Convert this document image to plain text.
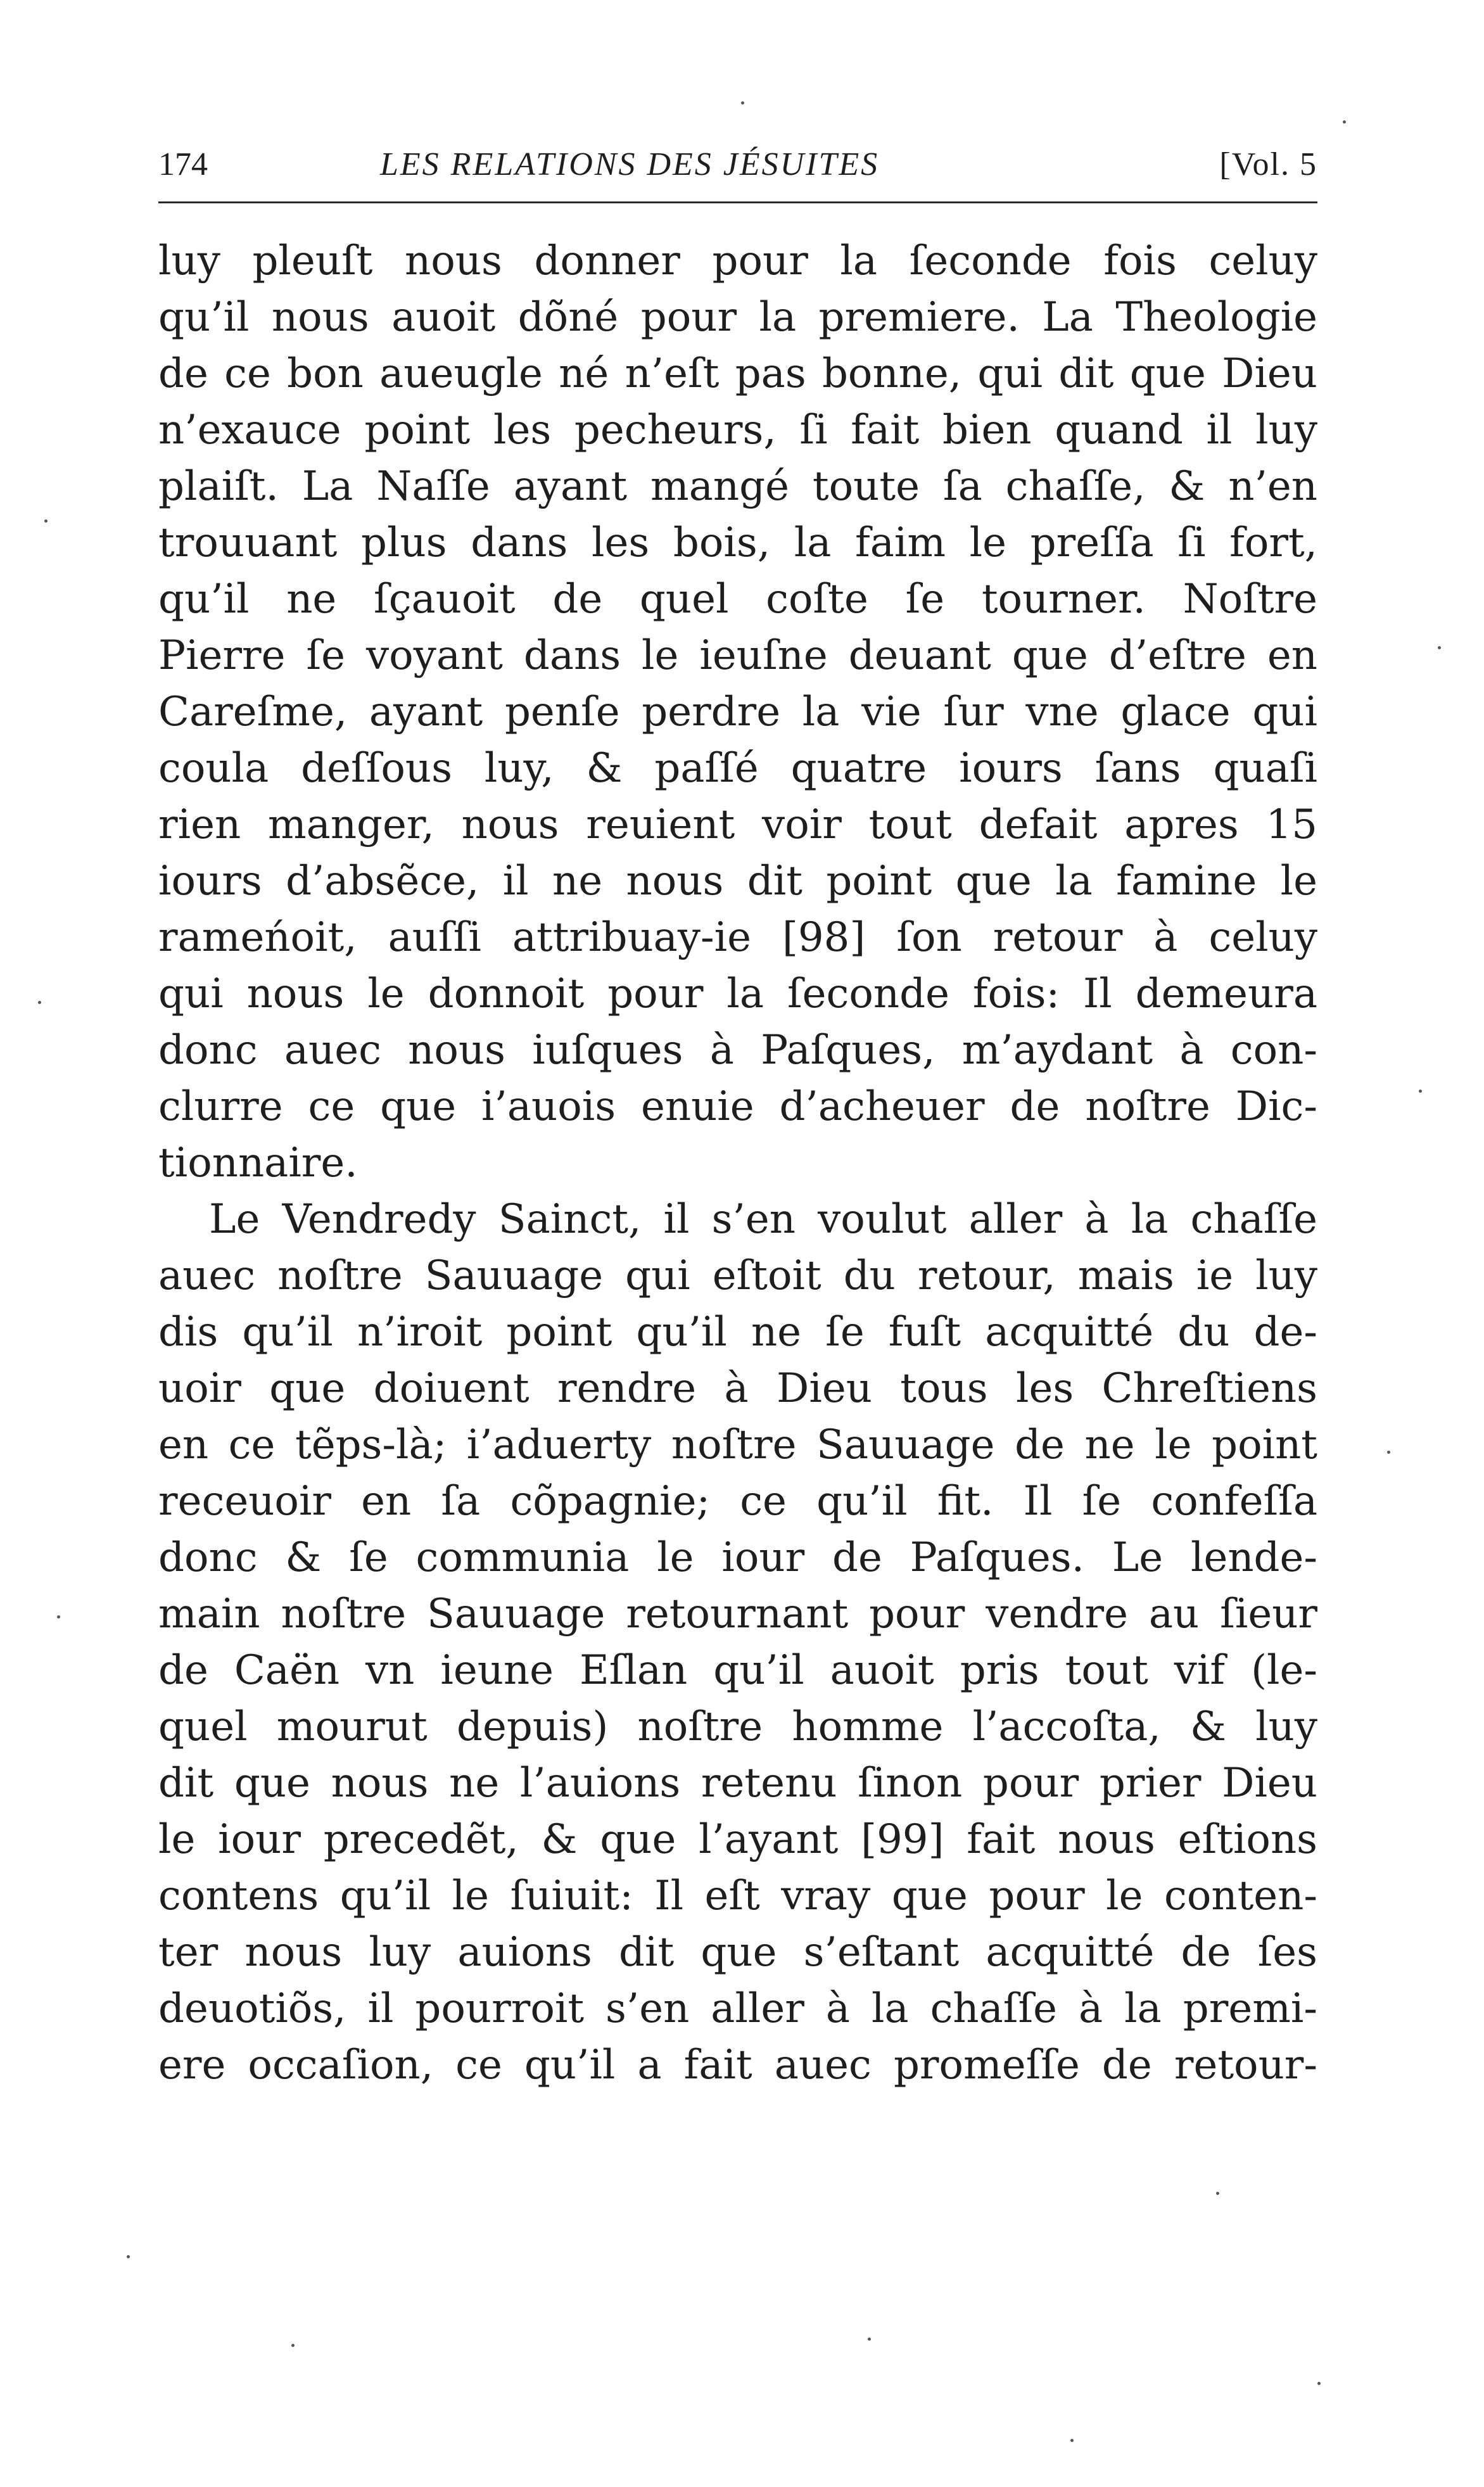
174	LES RELATIONS DES JÉSUITES	[Vol. 5
luy pleuſt nous donner pour la ſeconde fois celuy
qu’il nous auoit dõné pour la premiere. La Theologie
de ce bon aueugle né n’eſt pas bonne, qui dit que Dieu
n’exauce point les pecheurs, ſi fait bien quand il luy
plaiſt. La Naſſe ayant mangé toute ſa chaſſe, & n’en
trouuant plus dans les bois, la faim le preſſa ſi fort,
qu’il ne ſçauoit de quel coſte ſe tourner. Noſtre
Pierre ſe voyant dans le ieuſne deuant que d’eſtre en
Careſme, ayant penſe perdre la vie ſur vne glace qui
coula deſſous luy, & paſſé quatre iours ſans quaſi
rien manger, nous reuient voir tout defait apres 15
iours d’absẽce, il ne nous dit point que la famine le
rameńoit, auſſi attribuay-ie [98] ſon retour à celuy
qui nous le donnoit pour la ſeconde fois: Il demeura
donc auec nous iuſques à Paſques, m’aydant à con-
clurre ce que i’auois enuie d’acheuer de noſtre Dic-
tionnaire.
Le Vendredy Sainct, il s’en voulut aller à la chaſſe
auec noſtre Sauuage qui eſtoit du retour, mais ie luy
dis qu’il n’iroit point qu’il ne ſe fuſt acquitté du de-
uoir que doiuent rendre à Dieu tous les Chreſtiens
en ce tẽps-là; i’aduerty noſtre Sauuage de ne le point
receuoir en ſa cõpagnie; ce qu’il fit. Il ſe confeſſa
donc & ſe communia le iour de Paſques. Le lende-
main noſtre Sauuage retournant pour vendre au ſieur
de Caën vn ieune Eſlan qu’il auoit pris tout vif (le-
quel mourut depuis) noſtre homme l’accoſta, & luy
dit que nous ne l’auions retenu ſinon pour prier Dieu
le iour precedẽt, & que l’ayant [99] fait nous eſtions
contens qu’il le ſuiuit: Il eſt vray que pour le conten-
ter nous luy auions dit que s’eſtant acquitté de ſes
deuotiõs, il pourroit s’en aller à la chaſſe à la premi-
ere occaſion, ce qu’il a fait auec promeſſe de retour-
